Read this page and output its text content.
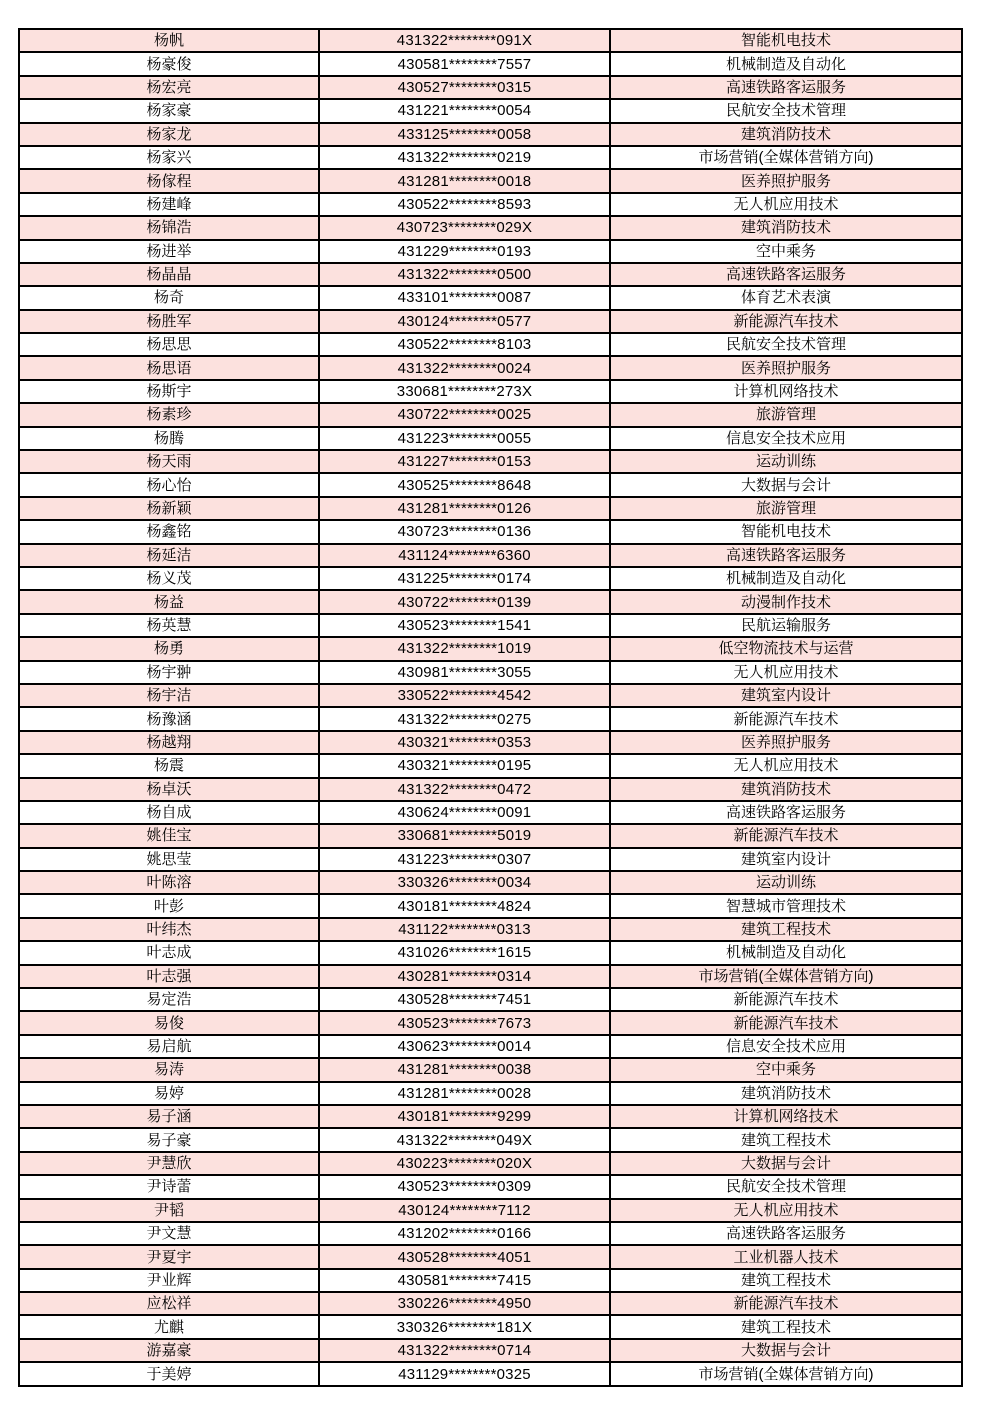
杨帆	431322********091X	智能机电技术
杨豪俊	430581********7557	机械制造及自动化
杨宏亮	430527********0315	高速铁路客运服务
杨家豪	431221********0054	民航安全技术管理
杨家龙	433125********0058	建筑消防技术
杨家兴	431322********0219	市场营销(全媒体营销方向)
杨傢程	431281********0018	医养照护服务
杨建峰	430522********8593	无人机应用技术
杨锦浩	430723********029X	建筑消防技术
杨进举	431229********0193	空中乘务
杨晶晶	431322********0500	高速铁路客运服务
杨奇	433101********0087	体育艺术表演
杨胜军	430124********0577	新能源汽车技术
杨思思	430522********8103	民航安全技术管理
杨思语	431322********0024	医养照护服务
杨斯宇	330681********273X	计算机网络技术
杨素珍	430722********0025	旅游管理
杨腾	431223********0055	信息安全技术应用
杨天雨	431227********0153	运动训练
杨心怡	430525********8648	大数据与会计
杨新颖	431281********0126	旅游管理
杨鑫铭	430723********0136	智能机电技术
杨延洁	431124********6360	高速铁路客运服务
杨义茂	431225********0174	机械制造及自动化
杨益	430722********0139	动漫制作技术
杨英慧	430523********1541	民航运输服务
杨勇	431322********1019	低空物流技术与运营
杨宇翀	430981********3055	无人机应用技术
杨宇洁	330522********4542	建筑室内设计
杨豫涵	431322********0275	新能源汽车技术
杨越翔	430321********0353	医养照护服务
杨震	430321********0195	无人机应用技术
杨卓沃	431322********0472	建筑消防技术
杨自成	430624********0091	高速铁路客运服务
姚佳宝	330681********5019	新能源汽车技术
姚思莹	431223********0307	建筑室内设计
叶陈溶	330326********0034	运动训练
叶彭	430181********4824	智慧城市管理技术
叶纬杰	431122********0313	建筑工程技术
叶志成	431026********1615	机械制造及自动化
叶志强	430281********0314	市场营销(全媒体营销方向)
易定浩	430528********7451	新能源汽车技术
易俊	430523********7673	新能源汽车技术
易启航	430623********0014	信息安全技术应用
易涛	431281********0038	空中乘务
易婷	431281********0028	建筑消防技术
易子涵	430181********9299	计算机网络技术
易子豪	431322********049X	建筑工程技术
尹慧欣	430223********020X	大数据与会计
尹诗蕾	430523********0309	民航安全技术管理
尹韬	430124********7112	无人机应用技术
尹文慧	431202********0166	高速铁路客运服务
尹夏宇	430528********4051	工业机器人技术
尹业辉	430581********7415	建筑工程技术
应松祥	330226********4950	新能源汽车技术
尤麒	330326********181X	建筑工程技术
游嘉豪	431322********0714	大数据与会计
于美婷	431129********0325	市场营销(全媒体营销方向)
